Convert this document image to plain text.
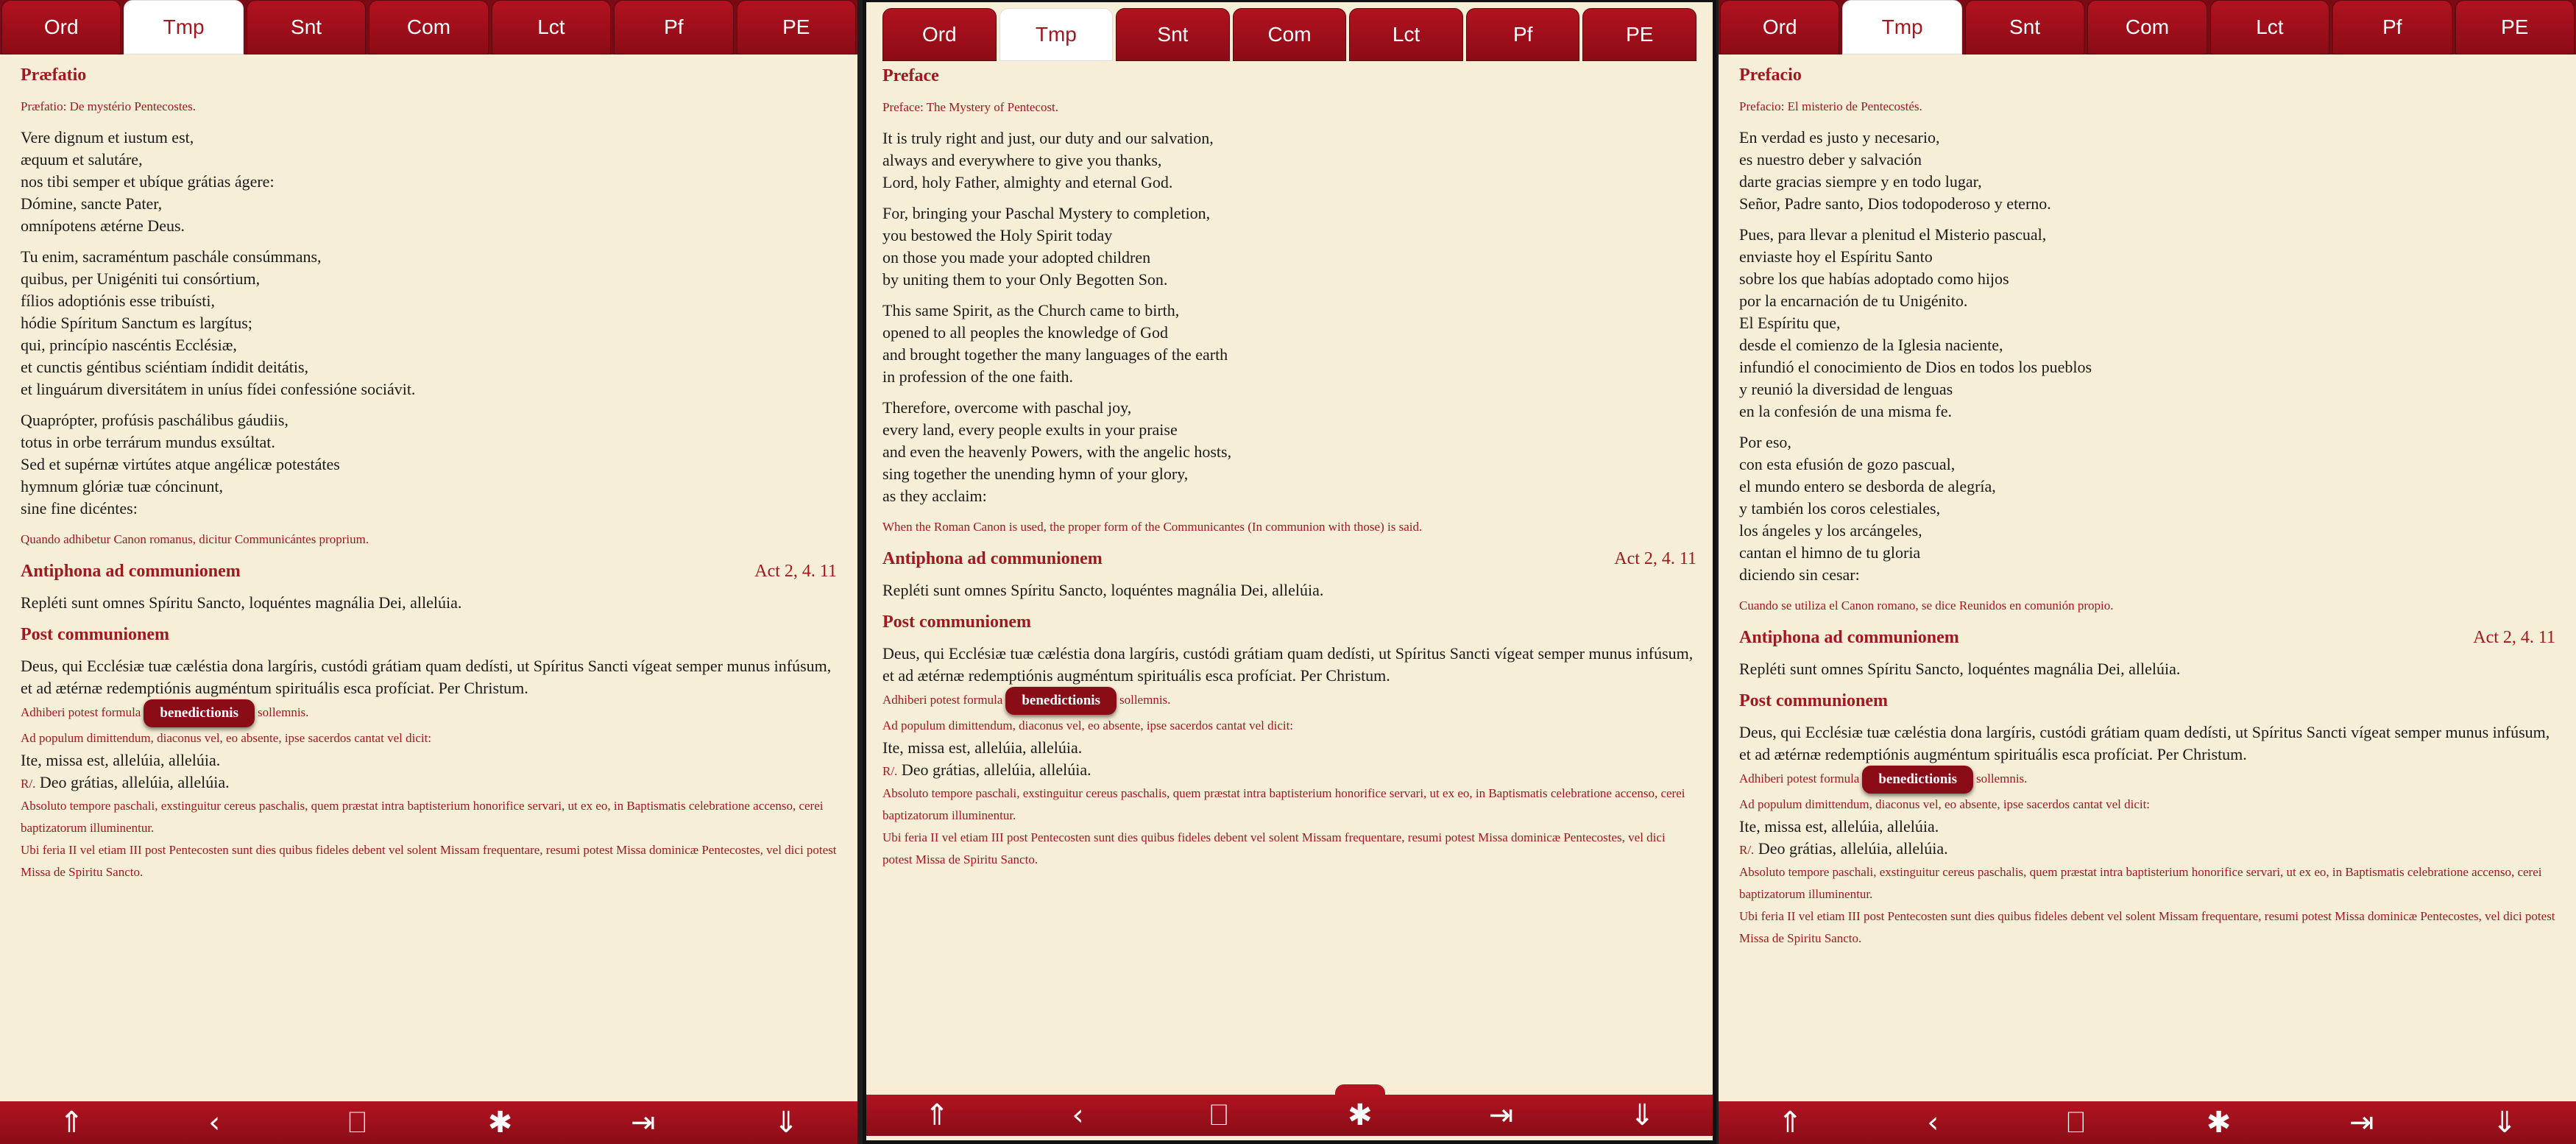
Ord	Tmp	Snt	Com	Lct	Pf	PE
Præfatio
Præfatio: De mystério Pentecostes.
Vere dignum et iustum est,
æquum et salutáre,
nos tibi semper et ubíque grátias ágere:
Dómine, sancte Pater,
omnípotens ætérne Deus.
Tu enim, sacraméntum paschále consúmmans,
quibus, per Unigéniti tui consórtium,
fílios adoptiónis esse tribuísti,
hódie Spíritum Sanctum es largítus;
qui, princípio nascéntis Ecclésiæ,
et cunctis géntibus sciéntiam índidit deitátis,
et linguárum diversitátem in uníus fídei confessióne sociávit.
Quaprópter, profúsis paschálibus gáudiis,
totus in orbe terrárum mundus exsúltat.
Sed et supérnæ virtútes atque angélicæ potestátes
hymnum glóriæ tuæ cóncinunt,
sine fine dicéntes:
Quando adhibetur Canon romanus, dicitur Communicántes proprium.
Antiphona ad communionem	Act 2, 4. 11
Repléti sunt omnes Spíritu Sancto, loquéntes magnália Dei, allelúia.
Post communionem
Deus, qui Ecclésiæ tuæ cæléstia dona largíris, custódi grátiam quam dedísti, ut Spíritus Sancti vígeat semper munus infúsum, et ad ætérnæ redemptiónis augméntum spirituális esca profíciat. Per Christum.
Adhiberi potest formula benedictionis sollemnis.
Ad populum dimittendum, diaconus vel, eo absente, ipse sacerdos cantat vel dicit:
Ite, missa est, allelúia, allelúia.
R/. Deo grátias, allelúia, allelúia.
Absoluto tempore paschali, exstinguitur cereus paschalis, quem præstat intra baptisterium honorifice servari, ut ex eo, in Baptismatis celebratione accenso, cerei baptizatorum illuminentur.
Ubi feria II vel etiam III post Pentecosten sunt dies quibus fideles debent vel solent Missam frequentare, resumi potest Missa dominicæ Pentecostes, vel dici potest Missa de Spiritu Sancto.
⇑	‹	⎕	✱	⇥	⇓
Ord	Tmp	Snt	Com	Lct	Pf	PE
Preface
Preface: The Mystery of Pentecost.
It is truly right and just, our duty and our salvation,
always and everywhere to give you thanks,
Lord, holy Father, almighty and eternal God.
For, bringing your Paschal Mystery to completion,
you bestowed the Holy Spirit today
on those you made your adopted children
by uniting them to your Only Begotten Son.
This same Spirit, as the Church came to birth,
opened to all peoples the knowledge of God
and brought together the many languages of the earth
in profession of the one faith.
Therefore, overcome with paschal joy,
every land, every people exults in your praise
and even the heavenly Powers, with the angelic hosts,
sing together the unending hymn of your glory,
as they acclaim:
When the Roman Canon is used, the proper form of the Communicantes (In communion with those) is said.
Antiphona ad communionem	Act 2, 4. 11
Repléti sunt omnes Spíritu Sancto, loquéntes magnália Dei, allelúia.
Post communionem
Deus, qui Ecclésiæ tuæ cæléstia dona largíris, custódi grátiam quam dedísti, ut Spíritus Sancti vígeat semper munus infúsum, et ad ætérnæ redemptiónis augméntum spirituális esca profíciat. Per Christum.
Adhiberi potest formula benedictionis sollemnis.
Ad populum dimittendum, diaconus vel, eo absente, ipse sacerdos cantat vel dicit:
Ite, missa est, allelúia, allelúia.
R/. Deo grátias, allelúia, allelúia.
Absoluto tempore paschali, exstinguitur cereus paschalis, quem præstat intra baptisterium honorifice servari, ut ex eo, in Baptismatis celebratione accenso, cerei baptizatorum illuminentur.
Ubi feria II vel etiam III post Pentecosten sunt dies quibus fideles debent vel solent Missam frequentare, resumi potest Missa dominicæ Pentecostes, vel dici potest Missa de Spiritu Sancto.
⇑	‹	⎕	✱	⇥	⇓
Ord	Tmp	Snt	Com	Lct	Pf	PE
Prefacio
Prefacio: El misterio de Pentecostés.
En verdad es justo y necesario,
es nuestro deber y salvación
darte gracias siempre y en todo lugar,
Señor, Padre santo, Dios todopoderoso y eterno.
Pues, para llevar a plenitud el Misterio pascual,
enviaste hoy el Espíritu Santo
sobre los que habías adoptado como hijos
por la encarnación de tu Unigénito.
El Espíritu que,
desde el comienzo de la Iglesia naciente,
infundió el conocimiento de Dios en todos los pueblos
y reunió la diversidad de lenguas
en la confesión de una misma fe.
Por eso,
con esta efusión de gozo pascual,
el mundo entero se desborda de alegría,
y también los coros celestiales,
los ángeles y los arcángeles,
cantan el himno de tu gloria
diciendo sin cesar:
Cuando se utiliza el Canon romano, se dice Reunidos en comunión propio.
Antiphona ad communionem	Act 2, 4. 11
Repléti sunt omnes Spíritu Sancto, loquéntes magnália Dei, allelúia.
Post communionem
Deus, qui Ecclésiæ tuæ cæléstia dona largíris, custódi grátiam quam dedísti, ut Spíritus Sancti vígeat semper munus infúsum, et ad ætérnæ redemptiónis augméntum spirituális esca profíciat. Per Christum.
Adhiberi potest formula benedictionis sollemnis.
Ad populum dimittendum, diaconus vel, eo absente, ipse sacerdos cantat vel dicit:
Ite, missa est, allelúia, allelúia.
R/. Deo grátias, allelúia, allelúia.
Absoluto tempore paschali, exstinguitur cereus paschalis, quem præstat intra baptisterium honorifice servari, ut ex eo, in Baptismatis celebratione accenso, cerei baptizatorum illuminentur.
Ubi feria II vel etiam III post Pentecosten sunt dies quibus fideles debent vel solent Missam frequentare, resumi potest Missa dominicæ Pentecostes, vel dici potest Missa de Spiritu Sancto.
⇑	‹	⎕	✱	⇥	⇓
